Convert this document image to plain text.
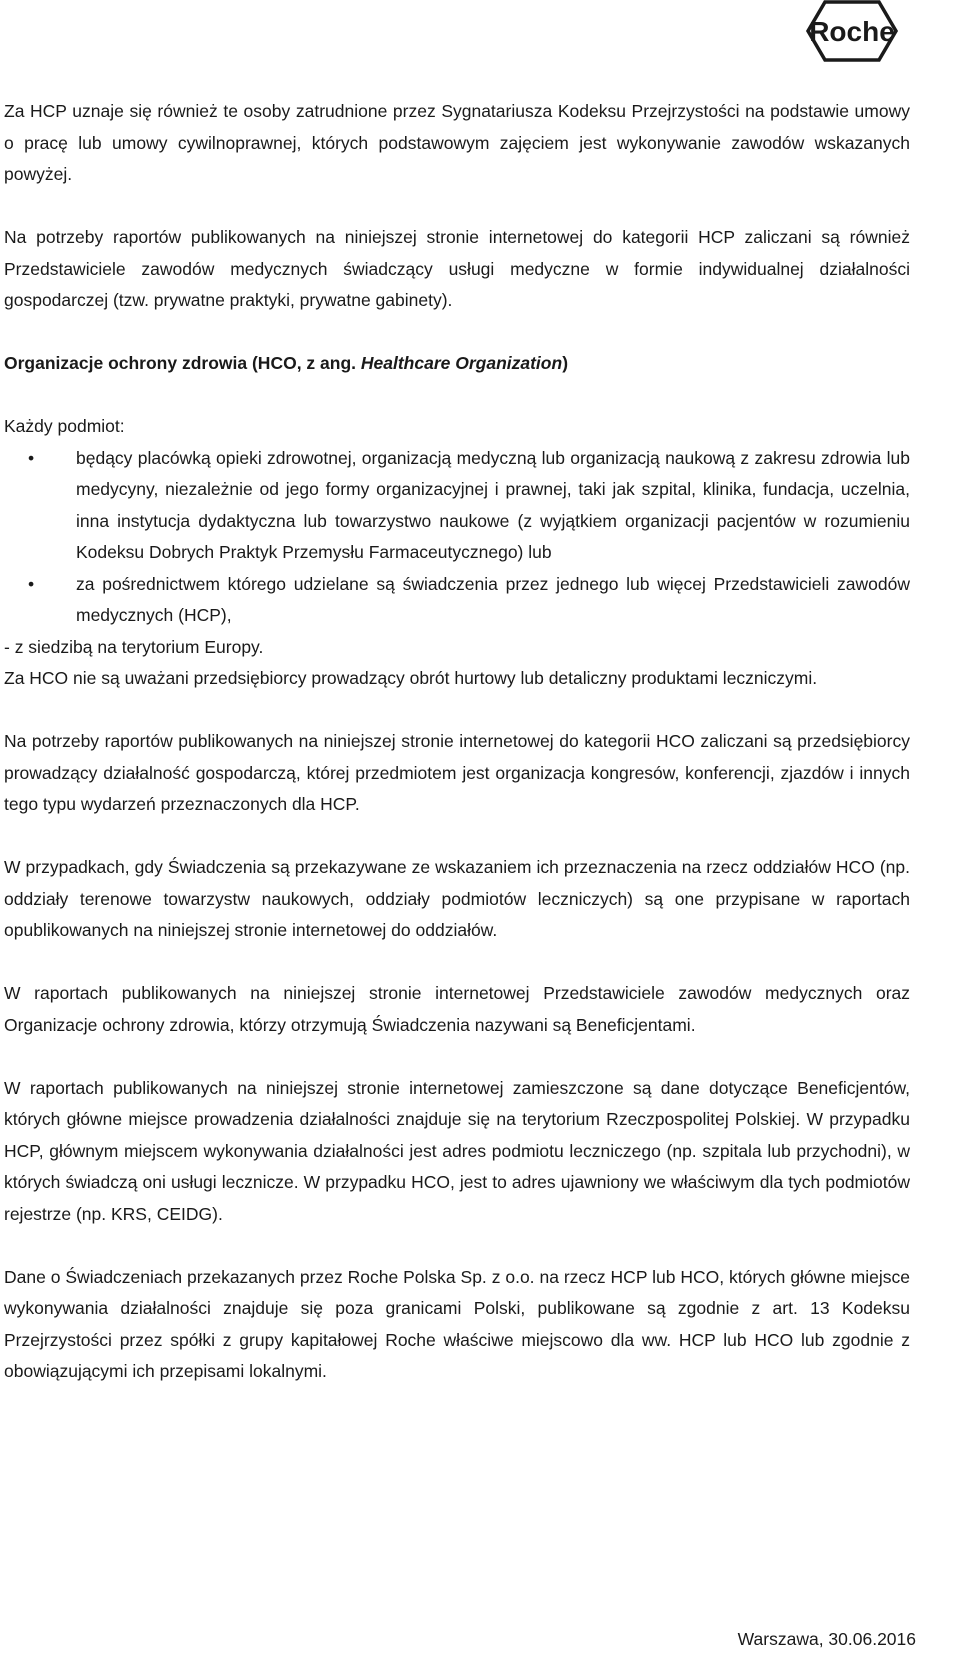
Roche

Za HCP uznaje się również te osoby zatrudnione przez Sygnatariusza Kodeksu Przejrzystości na podstawie umowy o pracę lub umowy cywilnoprawnej, których podstawowym zajęciem jest wykonywanie zawodów wskazanych powyżej.

Na potrzeby raportów publikowanych na niniejszej stronie internetowej do kategorii HCP zaliczani są również Przedstawiciele zawodów medycznych świadczący usługi medyczne w formie indywidualnej działalności gospodarczej (tzw. prywatne praktyki, prywatne gabinety).

Organizacje ochrony zdrowia (HCO, z ang. Healthcare Organization)

Każdy podmiot:

• będący placówką opieki zdrowotnej, organizacją medyczną lub organizacją naukową z zakresu zdrowia lub medycyny, niezależnie od jego formy organizacyjnej i prawnej, taki jak szpital, klinika, fundacja, uczelnia, inna instytucja dydaktyczna lub towarzystwo naukowe (z wyjątkiem organizacji pacjentów w rozumieniu Kodeksu Dobrych Praktyk Przemysłu Farmaceutycznego) lub
• za pośrednictwem którego udzielane są świadczenia przez jednego lub więcej Przedstawicieli zawodów medycznych (HCP),

- z siedzibą na terytorium Europy.

Za HCO nie są uważani przedsiębiorcy prowadzący obrót hurtowy lub detaliczny produktami leczniczymi.

Na potrzeby raportów publikowanych na niniejszej stronie internetowej do kategorii HCO zaliczani są przedsiębiorcy prowadzący działalność gospodarczą, której przedmiotem jest organizacja kongresów, konferencji, zjazdów i innych tego typu wydarzeń przeznaczonych dla HCP.

W przypadkach, gdy Świadczenia są przekazywane ze wskazaniem ich przeznaczenia na rzecz oddziałów HCO (np. oddziały terenowe towarzystw naukowych, oddziały podmiotów leczniczych) są one przypisane w raportach opublikowanych na niniejszej stronie internetowej do oddziałów.

W raportach publikowanych na niniejszej stronie internetowej Przedstawiciele zawodów medycznych oraz Organizacje ochrony zdrowia, którzy otrzymują Świadczenia nazywani są Beneficjentami.

W raportach publikowanych na niniejszej stronie internetowej zamieszczone są dane dotyczące Beneficjentów, których główne miejsce prowadzenia działalności znajduje się na terytorium Rzeczpospolitej Polskiej. W przypadku HCP, głównym miejscem wykonywania działalności jest adres podmiotu leczniczego (np. szpitala lub przychodni), w których świadczą oni usługi lecznicze. W przypadku HCO, jest to adres ujawniony we właściwym dla tych podmiotów rejestrze (np. KRS, CEIDG).

Dane o Świadczeniach przekazanych przez Roche Polska Sp. z o.o. na rzecz HCP lub HCO, których główne miejsce wykonywania działalności znajduje się poza granicami Polski, publikowane są zgodnie z art. 13 Kodeksu Przejrzystości przez spółki z grupy kapitałowej Roche właściwe miejscowo dla ww. HCP lub HCO lub zgodnie z obowiązującymi ich przepisami lokalnymi.

Warszawa, 30.06.2016
